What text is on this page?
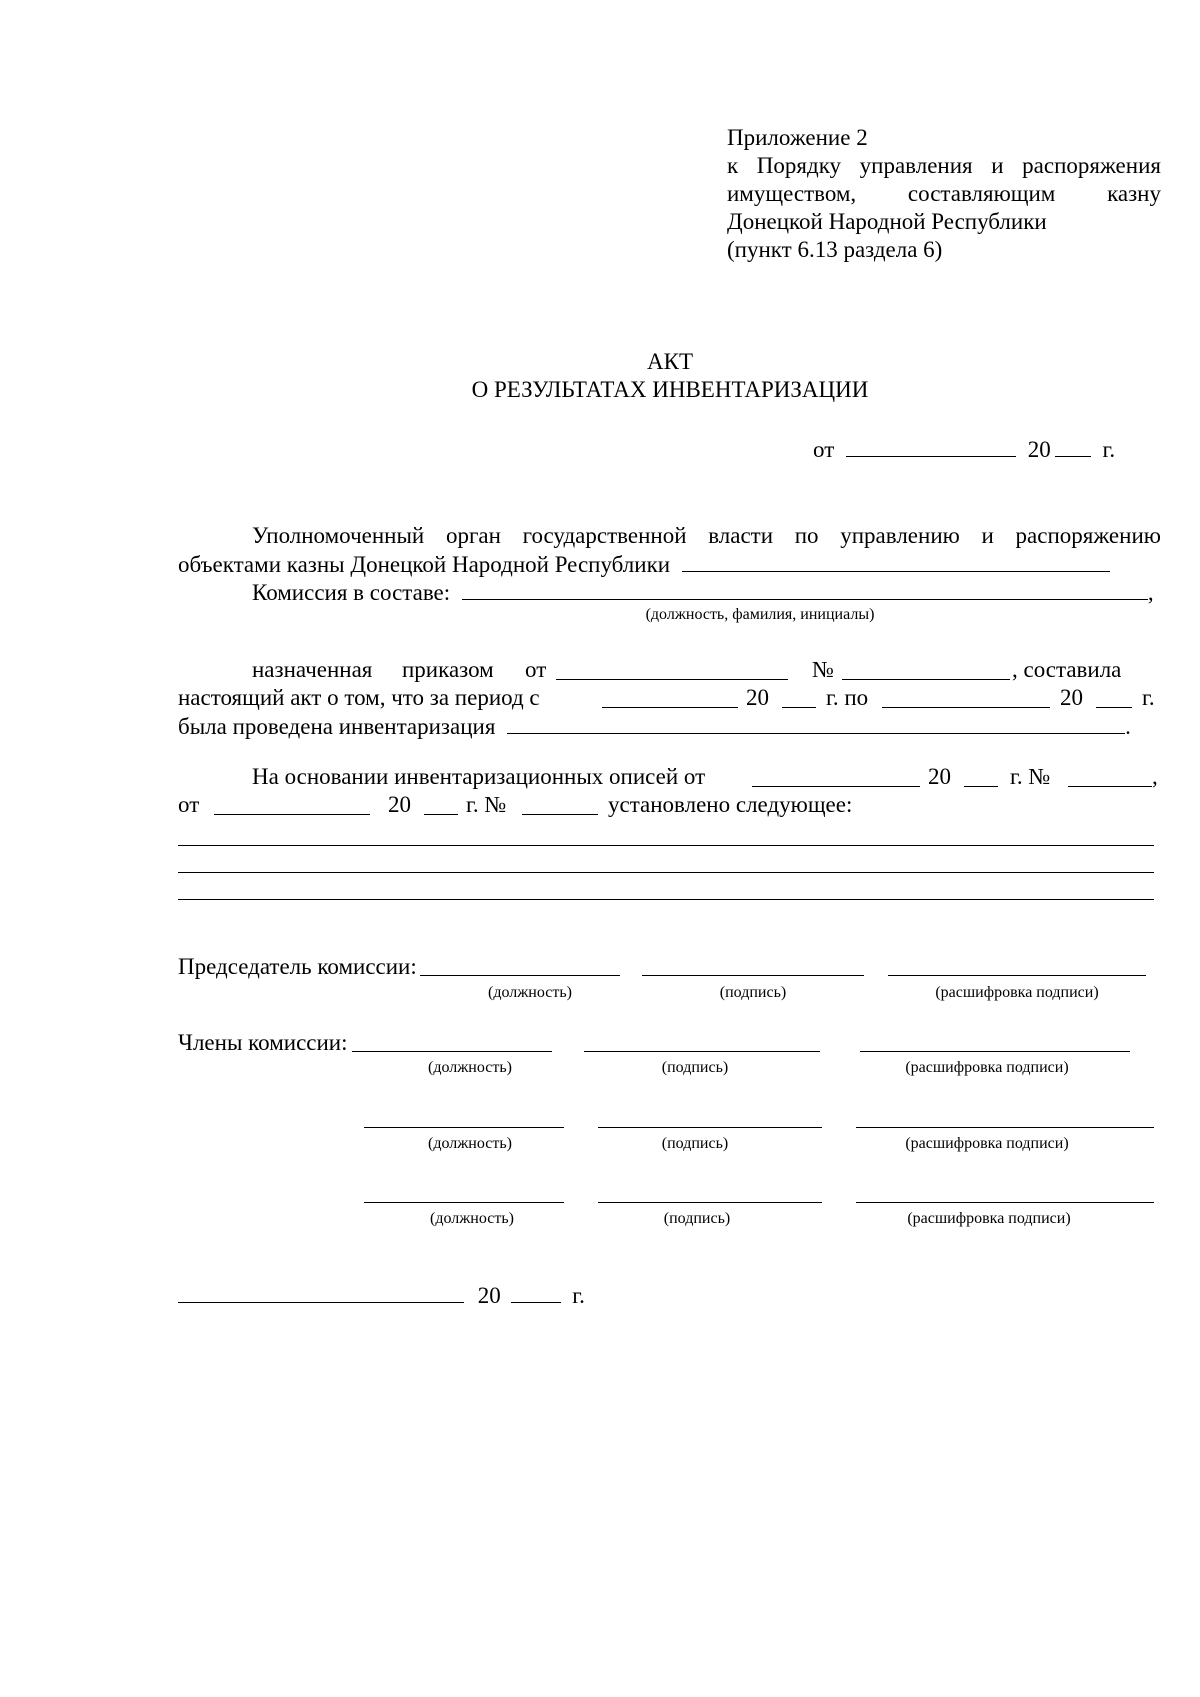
Приложение 2
к Порядку управления и распоряжения
имуществом, составляющим казну
Донецкой Народной Республики
(пункт 6.13 раздела 6)
АКТ
О РЕЗУЛЬТАТАХ ИНВЕНТАРИЗАЦИИ
от	20 г.
Уполномоченный орган государственной власти по управлению и распоряжению
объектами казны Донецкой Народной Республики
Комиссия в составе:	,
(должность, фамилия, инициалы)
назначенная приказом от	№	, составила
настоящий акт о том, что за период с	20 г. по	20	г.
была проведена инвентаризация	.
На основании инвентаризационных описей от	20	г. №	,
от	20 г. №	установлено следующее:
Председатель комиссии:
(должность)	(подпись)	(расшифровка подписи)
Члены комиссии:
(должность)	(подпись)	(расшифровка подписи)
(должность)	(подпись)	(расшифровка подписи)
(должность)	(подпись)	(расшифровка подписи)
20	г.
